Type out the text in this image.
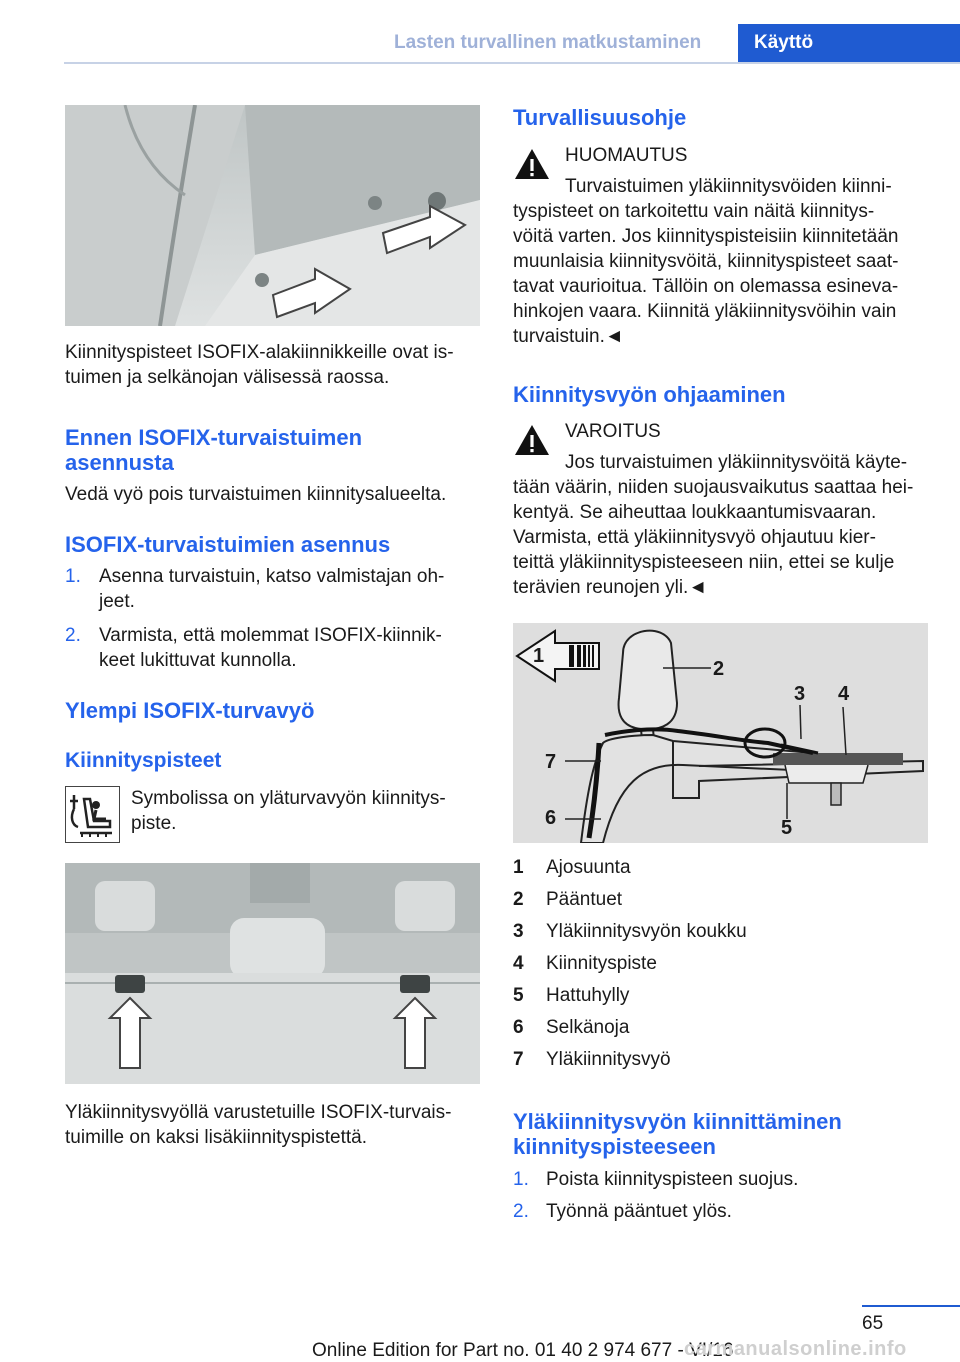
Lasten turvallinen matkustaminen	Käyttö

Kiinnityspisteet ISOFIX-alakiinnikkeille ovat is-

tuimen ja selkänojan välisessä raossa.

Ennen ISOFIX-turvaistuimen

asennusta

Vedä vyö pois turvaistuimen kiinnitysalueelta.

ISOFIX-turvaistuimien asennus

1. Asenna turvaistuin, katso valmistajan oh-
jeet.
2. Varmista, että molemmat ISOFIX-kiinnik-
keet lukittuvat kunnolla.

Ylempi ISOFIX-turvavyö

Kiinnityspisteet

Symbolissa on yläturvavyön kiinnitys-

piste.

Yläkiinnitysvyöllä varustetuille ISOFIX-turvais-

tuimille on kaksi lisäkiinnityspistettä.

Turvallisuusohje

HUOMAUTUS

Turvaistuimen yläkiinnitysvöiden kiinni-

tyspisteet on tarkoitettu vain näitä kiinnitys-

vöitä varten. Jos kiinnityspisteisiin kiinnitetään

muunlaisia kiinnitysvöitä, kiinnityspisteet saat-

tavat vaurioitua. Tällöin on olemassa esineva-

hinkojen vaara. Kiinnitä yläkiinnitysvöihin vain

turvaistuin.◄

Kiinnitysvyön ohjaaminen

VAROITUS

Jos turvaistuimen yläkiinnitysvöitä käyte-

tään väärin, niiden suojausvaikutus saattaa hei-

kentyä. Se aiheuttaa loukkaantumisvaaran.

Varmista, että yläkiinnitysvyö ohjautuu kier-

teittä yläkiinnityspisteeseen niin, ettei se kulje

terävien reunojen yli.◄

1
2
3 4
5
6
7
1 Ajosuunta
2 Pääntuet
3 Yläkiinnitysvyön koukku
4 Kiinnityspiste
5 Hattuhylly
6 Selkänoja
7 Yläkiinnitysvyö

Yläkiinnitysvyön kiinnittäminen

kiinnityspisteeseen

1. Poista kiinnityspisteen suojus.
2. Työnnä pääntuet ylös.
65
Online Edition for Part no. 01 40 2 974 677 - VI/16
carmanualsonline.info
